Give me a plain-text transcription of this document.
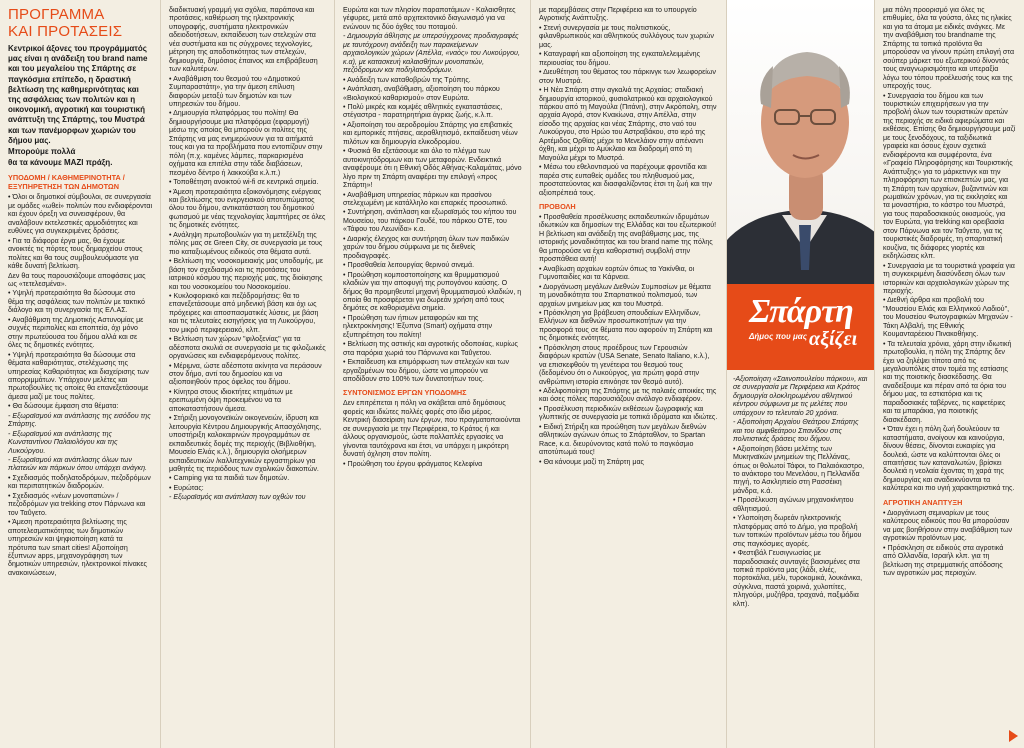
ΠΡΟΓΡΑΜΜΑ
ΚΑΙ ΠΡΟΤΑΣΕΙΣ

Κεντρικοί άξονες του προγράμματός μας είναι η ανάδειξη του brand name και του μεγαλείου της Σπάρτης σε παγκόσμια επίπεδο, η δραστική βελτίωση της καθημερινότητας και της ασφάλειας των πολιτών και η οικονομική, αγροτική και τουριστική ανάπτυξη της Σπάρτης, του Μυστρά και των πανέμορφων χωριών του δήμου μας.

Μπορούμε πολλά

θα τα κάνουμε ΜΑΖΙ πράξη.

ΥΠΟΔΟΜΗ / ΚΑΘΗΜΕΡΙΝΟΤΗΤΑ / ΕΞΥΠΗΡΕΤΗΣΗ ΤΩΝ ΔΗΜΟΤΩΝ

• Όλοι οι δημοτικοί σύμβουλοι, σε συνεργασία με ομάδες «ωθεί» πολιτών που ενδιαφέρονται και έχουν όρεξη να συνεισφέρουν, θα αναλάβουν εκτελεστικές αρμοδιότητες και ευθύνες για συγκεκριμένες δράσεις.

• Για τα διάφορα έργα μας, θα έχουμε ανοικτές τις πόρτες τους δημαρχείου στους πολίτες και θα τους συμβουλευόμαστε για κάθε δυνατή βελτίωση.

Δεν θα τους παρουσιάζουμε αποφάσεις μας ως «τετελεσμένα».

• Υψηλή προτεραιότητα θα δώσουμε στο θέμα της ασφάλειας των πολιτών με τακτικό διάλογο και τη συνεργασία της ΕΛ.ΑΣ.

• Αναβάθμιση της Δημοτικής Αστυνομίας με συχνές περιπολίες και εποπτεία, όχι μόνο στην πρωτεύουσα του δήμου αλλά και σε όλες τις δημοτικές ενότητες.

• Υψηλή προτεραιότητα θα δώσουμε στα θέματα καθαριότητας, στελέχωσης της υπηρεσίας Καθαριότητας και διαχείρισης των απορριμμάτων. Υπάρχουν μελέτες και πρωτοβουλίες τις οποίες θα επανεξετάσουμε άμεσα μαζί με τους πολίτες.

• Θα δώσουμε έμφαση στα θέματα:

- Εξωραϊσμού και ανάπλασης της εισόδου της Σπάρτης.

- Εξωραϊσμού και ανάπλασης της Κωνσταντίνου Παλαιολόγου και της Λυκούργου.

- Εξωραϊσμού και ανάπλασης όλων των πλατειών και πάρκων όπου υπάρχει ανάγκη.

• Σχεδιασμός ποδηλατοδρόμων, πεζοδρόμων και περιπατητικών διαδρομών.

• Σχεδιασμός «νέων μονοπατιών» / πεζοδρόμων για trekking στον Πάρνωνα και τον Ταΰγετο.

• Άμεση προτεραιότητα βελτίωσης της αποτελεσματικότητας των δημοτικών υπηρεσιών και ψηφιοποίηση κατά τα πρότυπα των smart cities! Αξιοποίηση έξυπνων apps, μηχανογράφηση των δημοτικών υπηρεσιών, ηλεκτρονικοί πίνακες ανακοινώσεων,

διαδικτυακή γραμμή για σχόλια, παράπονα και προτάσεις, καθιέρωση της ηλεκτρονικής υπογραφής, συστήματα ηλεκτρονικών αδειοδοτήσεων, εκπαίδευση των στελεχών στα νέα συστήματα και τις σύγχρονες τεχνολογίες, μέτρηση της αποδοτικότητας των στελεχών, δημιουργία, δημόσιος έπαινος και επιβράβευση των καλυτέρων.

• Αναβάθμιση του θεσμού του «Δημοτικού Συμπαραστάτη», για την άμεση επίλυση διαφορών μεταξύ των δημοτών και των υπηρεσιών του δήμου.

• Δημιουργία πλατφόρμας του πολίτη! Θα δημιουργήσουμε μια πλατφόρμα (εφαρμογή) μέσω της οποίας θα μπορούν οι πολίτες της Σπάρτης να μας ενημερώνουν για τα αιτήματά τους και για τα προβλήματα που εντοπίζουν στην πόλη (π.χ. καμένες λάμπες, παρκαρισμένα οχήματα και επιτέλα στην τάδε διαβάσεων, πεσμένο δέντρο ή λακκούβα κ.λ.π.)

• Τοποθέτηση ανοικτού wi-fi σε κεντρικά σημεία.

• Άμεση προτεραιότητα εξοικονόμησης ενέργειας και βελτίωσης του ενεργειακού αποτυπώματος όλου του δήμου, αντικατάσταση του δημοτικού φωτισμού με νέας τεχνολογίας λαμπτήρες σε όλες τις δημοτικές ενότητες.

• Ανάληψη πρωτοβουλιών για τη μετεξέλιξη της πόλης μας σε Green City, σε συνεργασία με τους πιο καταξιωμένους ειδικούς στα θέματα αυτά.

• Βελτίωση της νοσοκομειακής μας υποδομής, με βάση τον σχεδιασμό και τις προτάσεις του ιατρικού κόσμου της περιοχής μας, της διοίκησης και του νοσοκομείου του Νοσοκομείου.

• Κυκλοφοριακό και πεζόδρομήσεις: θα το επανεξετάσουμε από μηδενική βάση και όχι ως πρόχειρες και αποσπασματικές λύσεις, με βάση και τις τελευταίες εισηγήσεις για τη Λυκούργου, τον μικρό περιφερειακό, κλπ.

• Βελτίωση των χώρων "φιλοξενίας" για τα αδέσποτα σκυλιά σε συνεργασία με τις φιλοζωικές οργανώσεις και ενδιαφερόμενους πολίτες.

• Μέριμνα, ώστε αδέσποτα ακίνητα να περάσουν στον δήμο, αντί του δημοσίου και να αξιοποιηθούν προς όφελος του δήμου.

• Κίνητρα στους ιδιοκτήτες κτημάτων με ερειπωμένη όψη προκειμένου να τα αποκαταστήσουν άμεσα.

• Στήριξη μονογονεϊκών οικογενειών, ίδρυση και λειτουργία Κέντρου Δημιουργικής Απασχόλησης, υποστήριξη καλοκαιρινών προγραμμάτων σε εκπαιδευτικές δομές της περιοχής (Βιβλιοθήκη, Μουσείο Ελιάς κ.λ.), δημιουργία ολοήμερων εκπαιδευτικών /καλλιτεχνικών εργαστηρίων για μαθητές τις περιόδους των σχολικών διακοπών.

• Camping για τα παιδιά των δημοτών.

• Ευρώτας:

- Εξωραϊσμός και ανάπλαση των οχθών του

Ευρώτα και των πλησίον παραποτάμιων - Καλαισθητες γέφυρες, μετά από αρχιτεκτονικό διαγωνισμό για να ενώνουν τις δύο όχθες του ποταμού.

- Δημιουργία άθλησης με υπερσύγχρονες προδιαγραφές με ταυτόχρονη ανάδειξη των παρακείμενων αρχαιολογικών χώρων (Απέλλα, «ναός» του Λυκούργου, κ.α), με κατασκευή καλαισθήτων μονοπατιών, πεζόδρομων και ποδηλατοδρόμων.

• Ανάδειξη των καταθοβρών της Τρύπης.

• Ανάπλαση, αναβάθμιση, αξιοποίηση του πάρκου «Βιολογικού καθαρισμού» στον Ευρώτα.

• Πολύ μικρές και κομψές αθλητικές εγκαταστάσεις, στέγαστρα - παρατηρητήρια άγριας ζωής, κ.λ.π.

• Αξιοποίηση του αεροδρομίου Σπάρτης για επιβατικές και εμπορικές πτήσεις, αεραθλητισμό, εκπαίδευση νέων πιλότων και δημιουργία ελικοδρομίου.

• Φυσικά θα εξετάσουμε και όλο το πλέγμα των αυτοκινητόδρομων και των μεταφορών. Ενδεικτικά αναφέρουμε ότι η Εθνική Οδός Αθήνας-Καλαμάτας, μόνο λίγο πριν τη Σπάρτη αναφέρει την επιλογή «προς Σπάρτη»!

• Αναβάθμιση υπηρεσίας πάρκων και πρασίνου στελεχωμένη με κατάλληλο και επαρκές προσωπικό.

• Συντήρηση, ανάπλαση και εξωραϊσμός του κήπου του Μουσείου, του πάρκου Γουδέ, του πάρκου ΟΤΕ, του «Τάφου του Λεωνίδα» κ.α.

• Διαρκής έλεγχος και συντήρηση όλων των παιδικών χαρών του δήμου σύμφωνα με τις διεθνείς προδιαγραφές.

• Προσθαθεία λειτουργίας θερινού σινεμά.

• Προώθηση κομποστοποίησης και θρυμματισμού κλαδιών για την αποφυγή της ρυπογόνου καύσης. Ο δήμος θα προμηθευτεί μηχανή θρυμματισμού κλαδιών, η οποία θα προσφέρεται για δωρεάν χρήση από τους δημότες σε καθορισμένα σημεία.

• Προώθηση των ήπιων μεταφορών και της ηλεκτροκίνησης! Έξυπνα (Smart) οχήματα στην εξυπηρέτηση του πολίτη!

• Βελτίωση της αστικής και αγροτικής οδοποιίας, κυρίως στα παρόρια χωριά του Πάρνωνα και Ταΰγετου.

• Εκπαίδευση και επιμόρφωση των στελεχών και των εργαζομένων του δήμου, ώστε να μπορούν να αποδίδουν στο 100% των δυνατοτήτων τους.

ΣΥΝΤΟΝΙΣΜΟΣ ΕΡΓΩΝ ΥΠΟΔΟΜΗΣ

Δεν επιτρέπεται η πόλη να σκάβεται από δημόσιους φορείς και ιδιώτες πολλές φορές στο ίδιο μέρος. Κεντρική διασείριση των έργων, που πραγματοποιούνται σε συνεργασία με την Περιφέρεια, το Κράτος ή και άλλους οργανισμούς, ώστε πολλαπλές εργασίες να γίνονται ταυτόχρονα και έτσι, να υπάρχει η μικρότερη δυνατή όχληση στον πολίτη.

• Προώθηση του έργου φράγματος Κελεφίνα

με παρεμβάσεις στην Περιφέρεια και το υπουργείο Αγροτικής Ανάπτυξης.

• Στενή συνεργασία με τους πολιτιστικούς, φιλανθρωπικούς και αθλητικούς συλλόγους των χωριών μας.

• Καταγραφή και αξιοποίηση της εγκαταλελειμμένης περιουσίας του δήμου.

• Διευθέτηση του θέματος του πάρκινγκ των λεωφορείων στον Μυστρά.

• Η Νέα Σπάρτη στην αγκαλιά της Αρχαίας: σταδιακή δημιουργία ιστορικού, φυσιολατρικού και αρχαιολογικού πάρκου από τη Μαγούλα (Πιτάνη), στην Ακρόπολη, στην αρχαία Αγορά, στον Κνακίωνα, στην Απέλλα, στην είσοδο της αρχαίας και νέας Σπάρτης, στο ναό του Λυκούργου, στο Ηρώο του Αστραβάκου, στο ιερό της Αρτέμιδος Ορθίας μέχρι το Μενελάιον στην απέναντι όχθη, και μέχρι το Αμύκλαιο και διαδρομή από τη Μαγούλα μέχρι το Μυστρά.

• Μέσω του εθελοντισμού να παρέχουμε φροντίδα και παρέα στις ευπαθείς ομάδες του πληθυσμού μας, προστατεύοντας και διασφαλίζοντας έτσι τη ζωή και την αξιοπρέπειά τους.

ΠΡΟΒΟΛΗ

• Προσθαθεία προσέλκυσης εκπαιδευτικών ιδρυμάτων ιδιωτικών και δημοσίων της Ελλάδας και του εξωτερικού! Η βελτίωση και ανάδειξη της αναβάθμισης μας, της ιστορικής μοναδικότητας και του brand name της πόλης θα μπορούσε να έχει καθοριστική συμβολή στην προσπάθεια αυτή!

• Αναβίωση αρχαίων εορτών όπως τα Υακίνθια, οι Γυμνοπαιδίες και τα Κάρνεια.

• Διοργάνωση μεγάλων Διεθνών Συμποσίων με θέματα τη μοναδικότητα του Σπαρτιατικού πολιτισμού, των αρχαίων μνημείων μας και του Μυστρά.

• Πρόσκληση για βράβευση σπουδαίων Ελληνίδων, Ελλήνων και διεθνών προσωπικοτήτων για την προσφορά τους σε θέματα που αφορούν τη Σπάρτη και τις δημοτικές ενότητες.

• Πρόσκληση στους προέδρους των Γερουσιών διαφόρων κρατών (USA Senate, Senato Italiano, κ.λ.), να επισκεφθούν τη γενέτειρα του θεσμού τους (δεδομένου ότι ο Λυκούργος, για πρώτη φορά στην ανθρώπινη ιστορία επινόησε τον θεσμό αυτό).

• Αδελφοποίηση της Σπάρτης με τις παλαιές αποικίες της και όσες πόλεις παρουσιάζουν ανάλογο ενδιαφέρον.

• Προσέλκυση περιοδικών εκθέσεων ζωγραφικής και γλυπτικής σε συνεργασία με τοπικά ιδρύματα και ιδιώτες.

• Ειδική Στήριξη και προώθηση των μεγάλων διεθνών αθλητικών αγώνων όπως το Σπάρταθλον, το Spartan Race, κ.α. διευρύνοντας κατά πολύ το παγκόσμιο αποτύπωμά τους!

• Θα κάνουμε μαζί τη Σπάρτη μας

Σπάρτη
Δήμος που μας αξίζει

-Αξιοποίηση «Σαιινοπουλείου πάρκου», και σε συνεργασία με Περιφέρεια και Κράτος δημιουργία ολοκληρωμένου αθλητικού κέντρου σύμφωνα με τις μελέτες που υπάρχουν το τελευταίο 20 χρόνια.

- Αξιοποίηση Αρχαίου Θεάτρου Σπάρτης και του αμφιθεάτρου Σπανίδου στις πολιτιστικές δράσεις του δήμου.

• Αξιοποίηση βάσει μελέτης των Μυκηναϊκών μνημείων της Πελλάνας, όπως οι θολωτοί Τάφοι, το Παλαιόκαστρο, το ανάκτορο του Μενελάου, η Πελλανίδα πηγή, το Ασκληπιείο στη Ρασσέικη μάνδρα, κ.ά.

• Προσέλκυση αγώνων μηχανοκίνητου αθλητισμού.

• Υλοποίηση δωρεάν ηλεκτρονικής πλατφόρμας από το Δήμο, για προβολή των τοπικών προϊόντων μέσω του δήμου στις παγκόσμιες αγορές.

• Φεστιβάλ Γευσιγνωσίας με παραδοσιακές συνταγές βασισμένες στα τοπικά προϊόντα μας (λάδι, ελιές, πορτοκάλια, μέλι, τυροκομικά, λουκάνικα, σύγκλινα, παστά χοιρινά, χυλοπίτες, πληγούρι, μυζήθρα, τραχανά, παξιμάδια κλπ).

μια πόλη προορισμό για όλες τις επιθυμίες, όλα τα γούστα, όλες τις ηλικίες και για τα άτομα με ειδικές ανάγκες. Με την αναβάθμιση του brandname της Σπάρτης τα τοπικά προϊόντα θα μπορούσαν να γίνουν πρώτη επιλογή στα σούπερ μάρκετ του εξωτερικού δίνοντάς τους αναγνωρισιμότητα και υπεραξία λόγω του τόπου προέλευσής τους και της υπεροχής τους.

• Συνεργασία του δήμου και των τουριστικών επιχειρήσεων για την προβολή όλων των τουριστικών αρετών της περιοχής σε ειδικά αφιερώματα και εκθέσεις. Επίσης θα δημιουργήσουμε μαζί με τους ξενοδόχους, τα ταξιδιωτικά γραφεία και όσους έχουν σχετικά ενδιαφέροντα και συμφέροντα, ένα «Γραφείο Πληροφόρησης και Τουριστικής Ανάπτυξης» για τo μάρκετινγκ και την πληροφόρηση των επισκεπτών μας, για τη Σπάρτη των αρχαίων, βυζαντινών και ρωμαϊκών χρόνων, για τις εκκλησίες και τα μοναστήρια, το κάστρο του Μυστρά, για τους παραδοσιακούς οικισμούς, για τον Ευρώτα, για trekking και ορειβασία στον Πάρνωνα και τον Ταΰγετο, για τις τουριστικές διαδρομές, τη σπαρτιατική κουζίνα, τις διάφορες γιορτές και εκδηλώσεις κλπ.

• Συνεργασία με τα τουριστικά γραφεία για τη συγκεκριμένη διασύνδεση όλων των ιστορικών και αρχαιολογικών χώρων της περιοχής.

• Διεθνή άρθρα και προβολή του "Μουσείου Ελιάς και Ελληνικού Λαδιού", του Μουσείου Φωτογραφικών Μηχανών - Τάκη Αλβαλή, της Εθνικής Κουμανταρέειου Πινακοθήκης.

• Τα τελευταία χρόνια, χάρη στην ιδιωτική πρωτοβουλία, η πόλη της Σπάρτης δεν έχει να ζηλέψει τίποτα από τις μεγαλουπόλεις στον τομέα της εστίασης και της ποιοτικής διασκέδασης. Θα αναδείξουμε και πέραν από τα όρια του δήμου μας, τα εστιατόρια και τις παραδοσιακές ταβέρνες, τις καφετέριες και τα μπαράκια, για ποιοτικής διασκέδαση.

• Όταν έχει η πόλη ζωή δουλεύουν τα καταστήματα, ανοίγουν και καινούργια, δίνουν θέσεις, δίνονται ευκαιρίες για δουλειά, ώστε να καλύπτονται όλες οι απαιτήσεις των καταναλωτών, βρίσκει δουλειά η νεολαία έχοντας τη χαρά της δημιουργίας και αναδεικνύονται τα καλύτερα και πιο υγιή χαρακτηριστικά της.

ΑΓΡΟΤΙΚΗ ΑΝΑΠΤΥΞΗ

• Διοργάνωση σεμιναρίων με τους καλύτερους ειδικούς που θα μπορούσαν να μας βοηθήσουν στην αναβάθμιση των αγροτικών προϊόντων μας.

• Πρόσκληση σε ειδικούς στα αγροτικά από Ολλανδία, Ισραήλ κλπ. για τη βελτίωση της στρεμματικής απόδοσης των αγροτικών μας περιοχών.
